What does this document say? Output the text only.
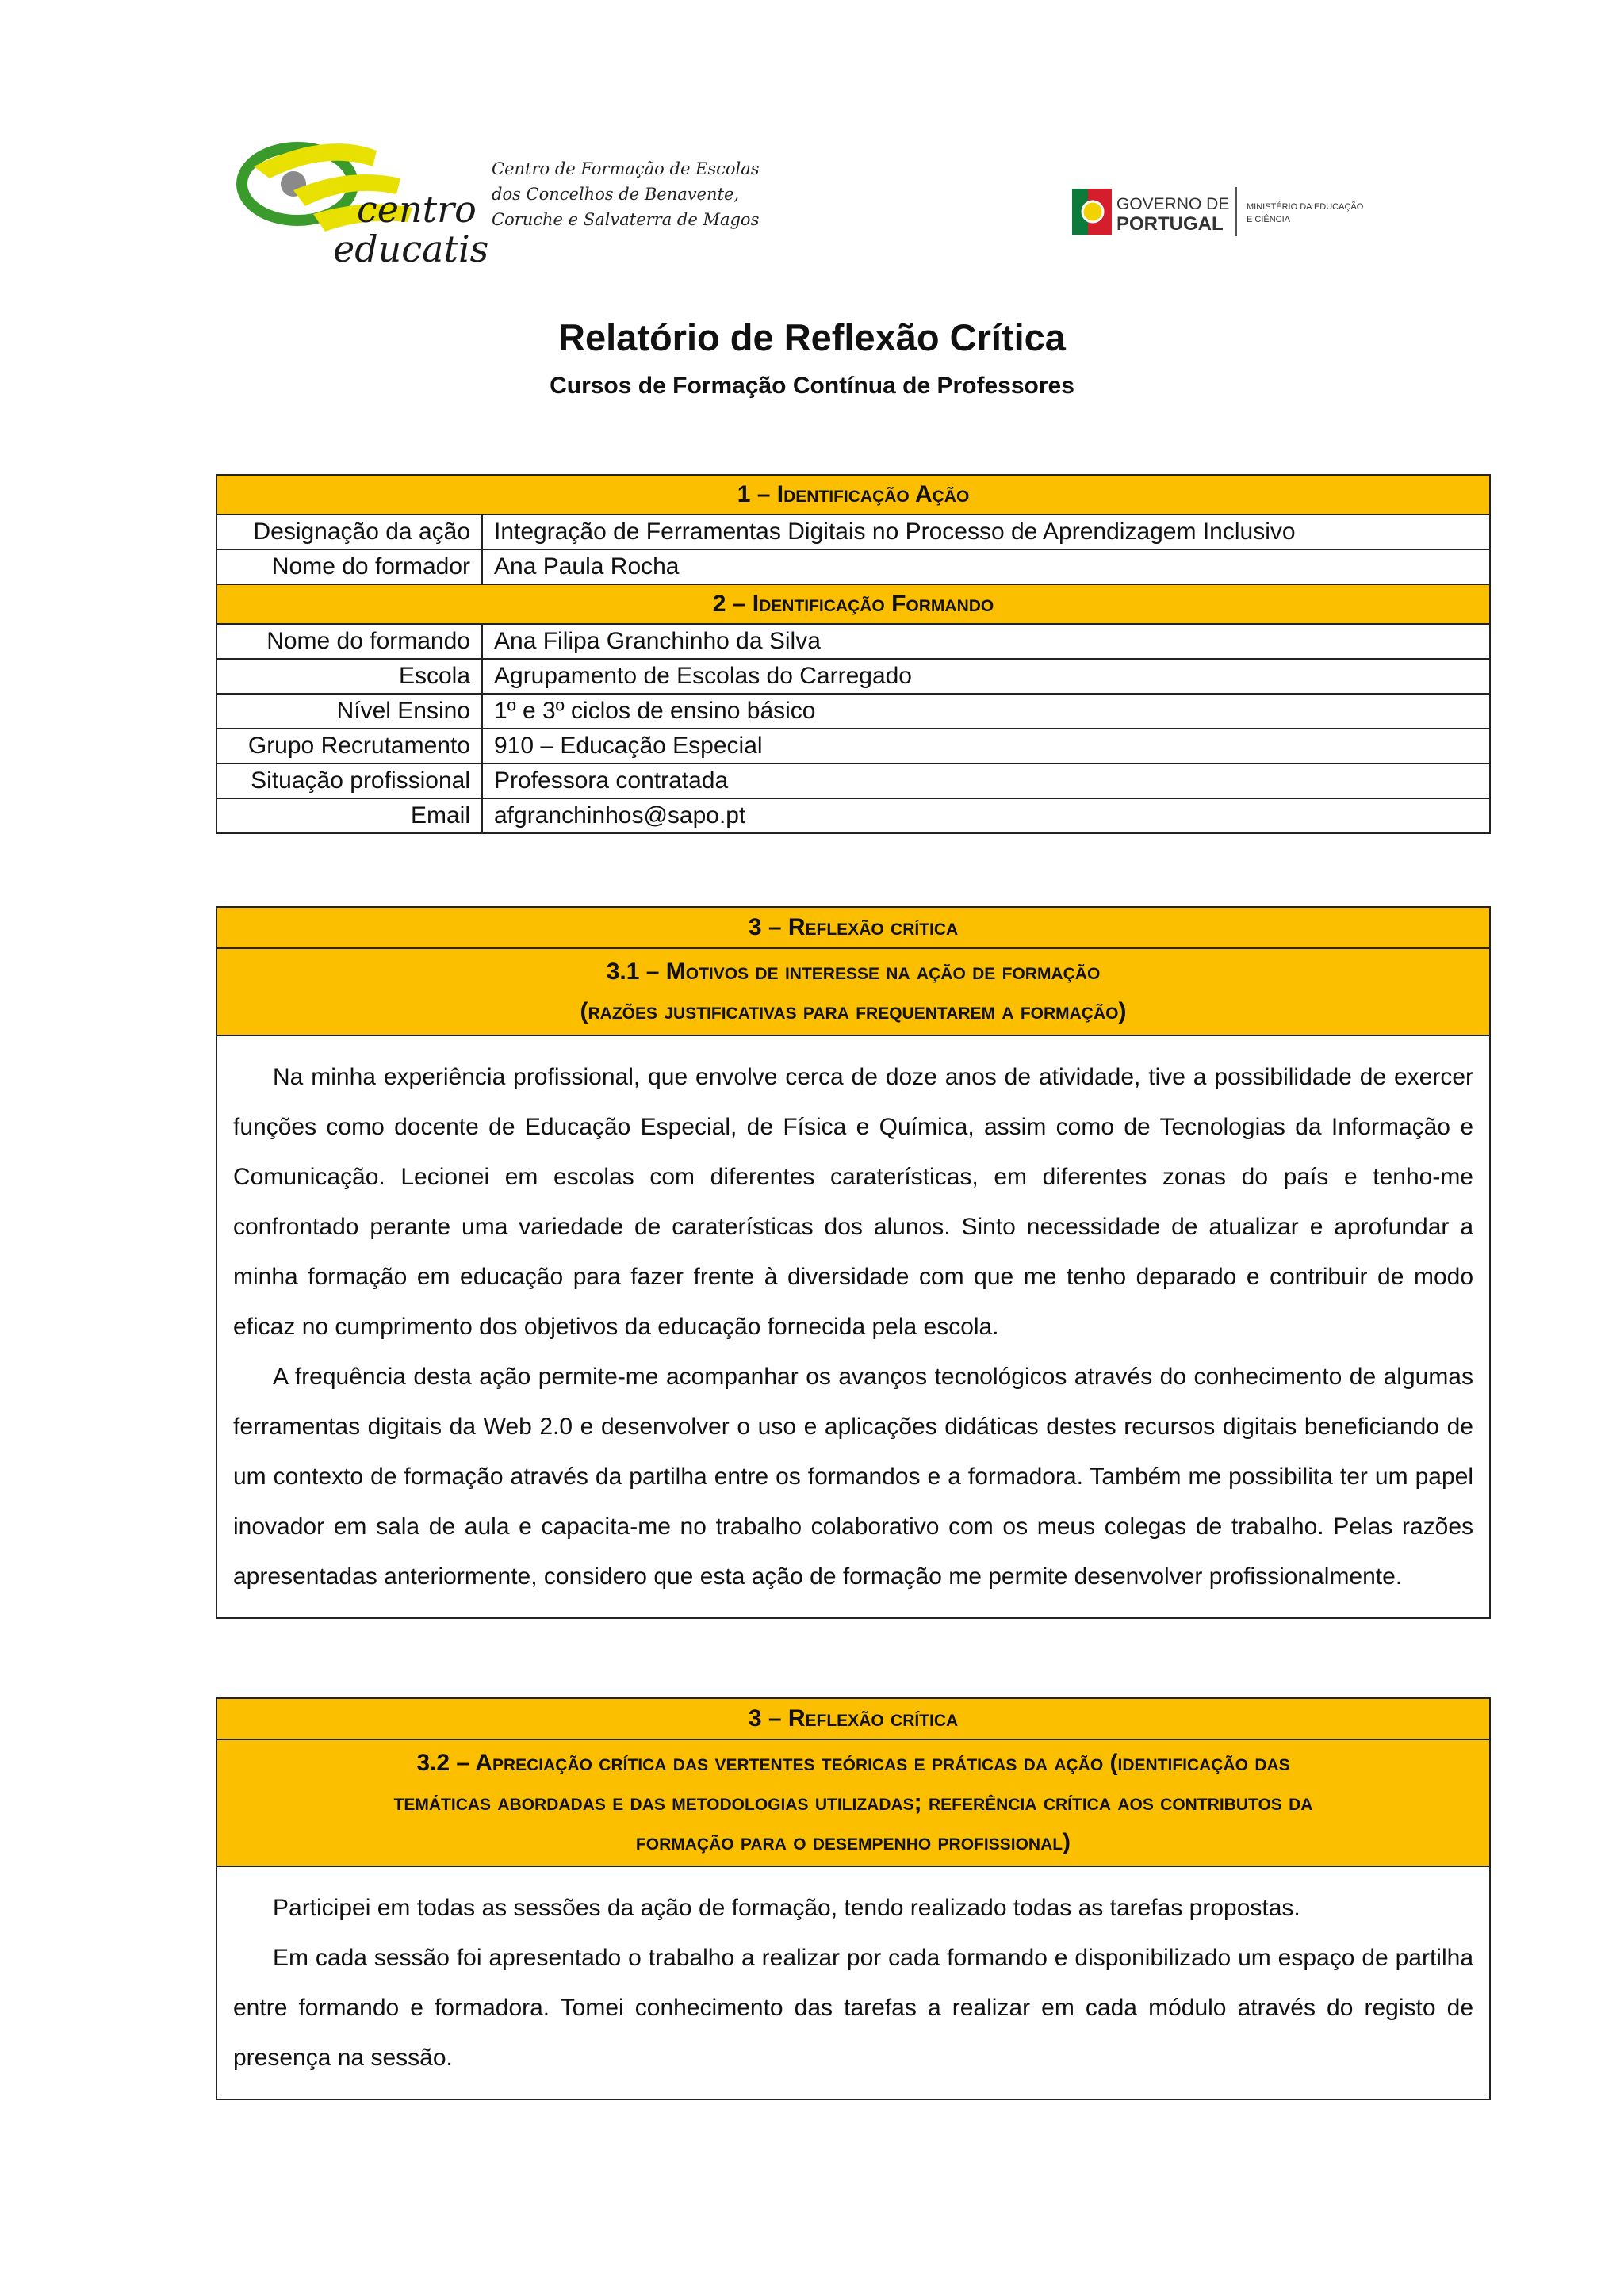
centro
educatis
Centro de Formação de Escolas
dos Concelhos de Benavente,
Coruche e Salvaterra de Magos
GOVERNO DE
PORTUGAL
MINISTÉRIO DA EDUCAÇÃO
E CIÊNCIA
Relatório de Reflexão Crítica
Cursos de Formação Contínua de Professores
1 – Identificação Ação	
Designação da ação	Integração de Ferramentas Digitais no Processo de Aprendizagem Inclusivo
Nome do formador	Ana Paula Rocha
2 – Identificação Formando	
Nome do formando	Ana Filipa Granchinho da Silva
Escola	Agrupamento de Escolas do Carregado
Nível Ensino	1º e 3º ciclos de ensino básico
Grupo Recrutamento	910 – Educação Especial
Situação profissional	Professora contratada
Email	afgranchinhos@sapo.pt
3 – Reflexão crítica
3.1 – Motivos de interesse na ação de formação
(razões justificativas para frequentarem a formação)

Na minha experiência profissional, que envolve cerca de doze anos de atividade, tive a possibilidade de exercer funções como docente de Educação Especial, de Física e Química, assim como de Tecnologias da Informação e Comunicação. Lecionei em escolas com diferentes caraterísticas, em diferentes zonas do país e tenho-me confrontado perante uma variedade de caraterísticas dos alunos. Sinto necessidade de atualizar e aprofundar a minha formação em educação para fazer frente à diversidade com que me tenho deparado e contribuir de modo eficaz no cumprimento dos objetivos da educação fornecida pela escola.

A frequência desta ação permite-me acompanhar os avanços tecnológicos através do conhecimento de algumas ferramentas digitais da Web 2.0 e desenvolver o uso e aplicações didáticas destes recursos digitais beneficiando de um contexto de formação através da partilha entre os formandos e a formadora. Também me possibilita ter um papel inovador em sala de aula e capacita-me no trabalho colaborativo com os meus colegas de trabalho. Pelas razões apresentadas anteriormente, considero que esta ação de formação me permite desenvolver profissionalmente.

3 – Reflexão crítica
3.2 – Apreciação crítica das vertentes teóricas e práticas da ação (identificação das temáticas abordadas e das metodologias utilizadas; referência crítica aos contributos da formação para o desempenho profissional)

Participei em todas as sessões da ação de formação, tendo realizado todas as tarefas propostas.

Em cada sessão foi apresentado o trabalho a realizar por cada formando e disponibilizado um espaço de partilha entre formando e formadora. Tomei conhecimento das tarefas a realizar em cada módulo através do registo de presença na sessão.
